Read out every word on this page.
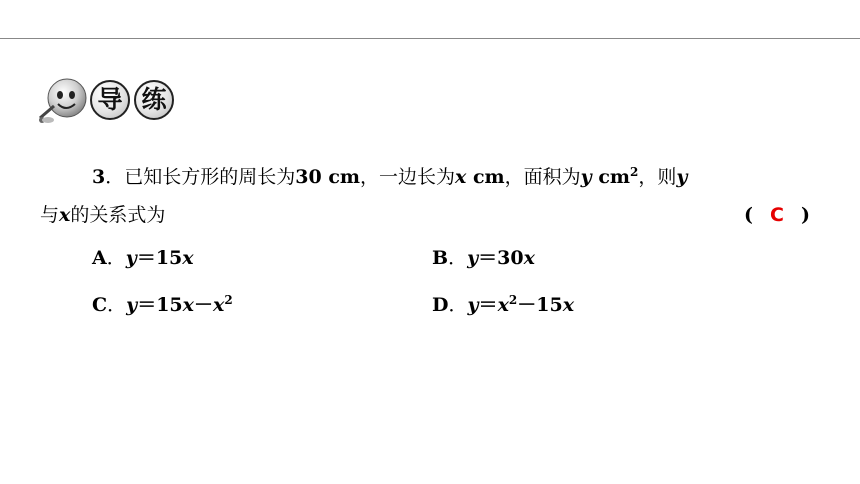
导 练
3．已知长方形的周长为30 cm，一边长为x cm，面积为y $cm^2$，则y
与x的关系式为	( C )
A．y＝15x	B．y＝30x
C．$y=15x-x^2$	D．$y=x^2-15x$
